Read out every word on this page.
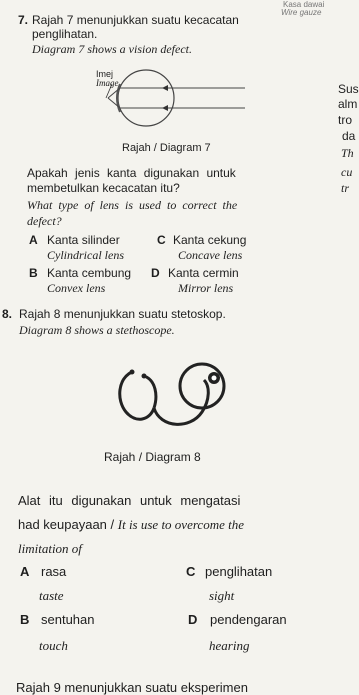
Kasa dawai
Wire gauze
7. Rajah 7 menunjukkan suatu kecacatan
penglihatan.
Diagram 7 shows a vision defect.
Imej
Image
Rajah / Diagram 7
Sus
alm
tro
da
Th
cu
tr
Apakah jenis kanta digunakan untuk
membetulkan kecacatan itu?
What type of lens is used to correct the
defect?
A Kanta silinder
Cylindrical lens
B Kanta cembung
Convex lens
C Kanta cekung
Concave lens
D Kanta cermin
Mirror lens
8. Rajah 8 menunjukkan suatu stetoskop.
Diagram 8 shows a stethoscope.
Rajah / Diagram 8
Alat itu digunakan untuk mengatasi
had keupayaan / It is use to overcome the
limitation of
A rasa
taste
B sentuhan
touch
C penglihatan
sight
D pendengaran
hearing
Rajah 9 menunjukkan suatu eksperimen
